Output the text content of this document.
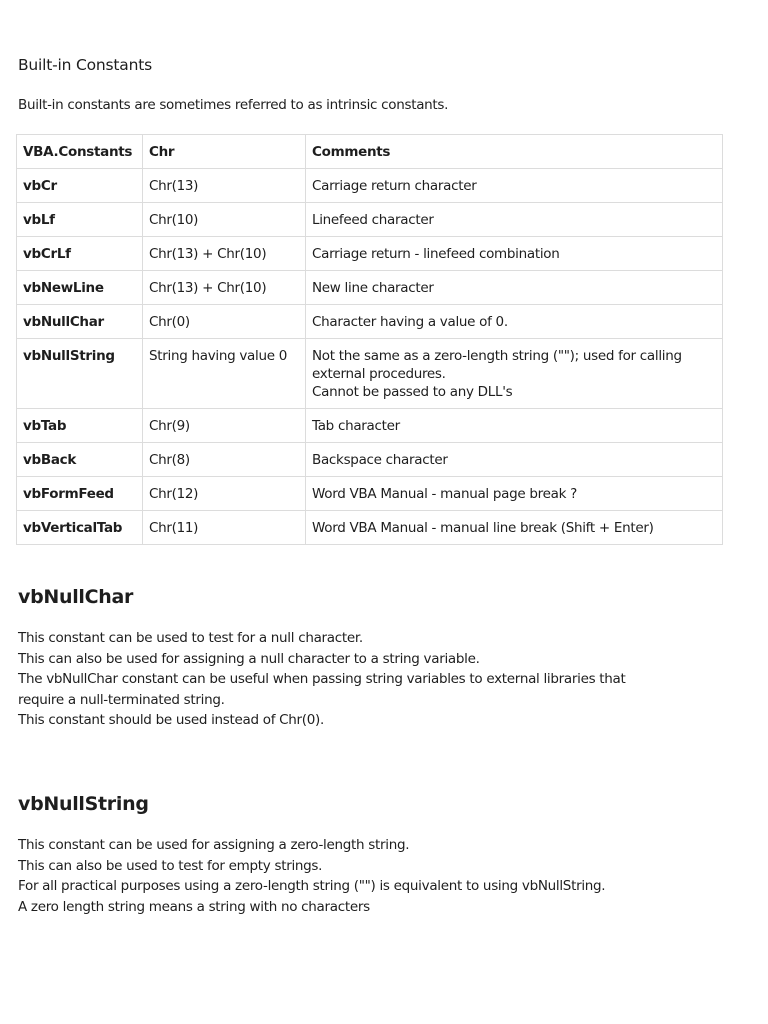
Built-in Constants

Built-in constants are sometimes referred to as intrinsic constants.

VBA.Constants	Chr	Comments
vbCr	Chr(13)	Carriage return character

vbLf	Chr(10)	Linefeed character

vbCrLf	Chr(13) + Chr(10)	Carriage return - linefeed combination

vbNewLine	Chr(13) + Chr(10)	New line character

vbNullChar	Chr(0)	Character having a value of 0.

vbNullString	String having value 0	Not the same as a zero-length string (""); used for calling external procedures.
Cannot be passed to any DLL's

vbTab	Chr(9)	Tab character

vbBack	Chr(8)	Backspace character

vbFormFeed	Chr(12)	Word VBA Manual - manual page break ?

vbVerticalTab	Chr(11)	Word VBA Manual - manual line break (Shift + Enter)
vbNullChar

This constant can be used to test for a null character.

This can also be used for assigning a null character to a string variable.

The vbNullChar constant can be useful when passing string variables to external libraries that

require a null-terminated string.

This constant should be used instead of Chr(0).

vbNullString

This constant can be used for assigning a zero-length string.

This can also be used to test for empty strings.

For all practical purposes using a zero-length string ("") is equivalent to using vbNullString.

A zero length string means a string with no characters
